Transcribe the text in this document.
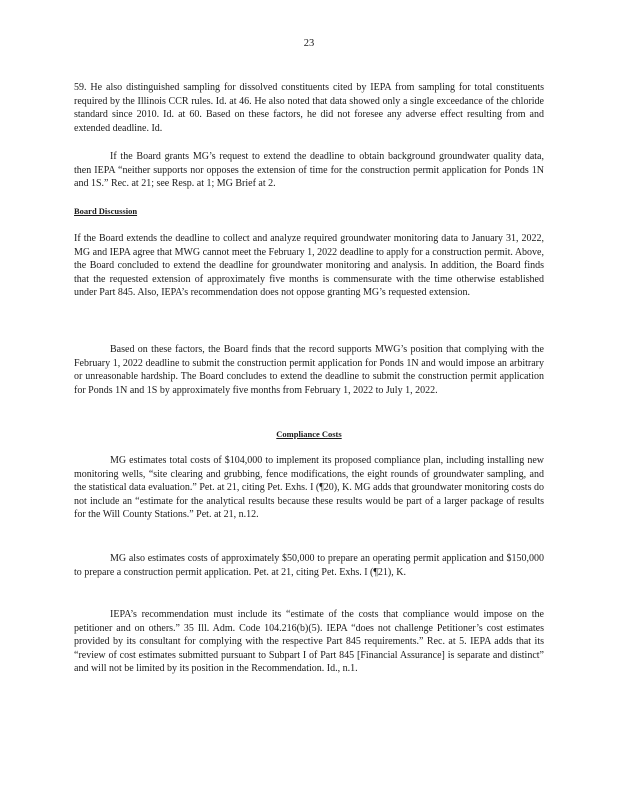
23

59. He also distinguished sampling for dissolved constituents cited by IEPA from sampling for total constituents required by the Illinois CCR rules. Id. at 46. He also noted that data showed only a single exceedance of the chloride standard since 2010. Id. at 60. Based on these factors, he did not foresee any adverse effect resulting from and extended deadline. Id.

If the Board grants MG’s request to extend the deadline to obtain background groundwater quality data, then IEPA “neither supports nor opposes the extension of time for the construction permit application for Ponds 1N and 1S.” Rec. at 21; see Resp. at 1; MG Brief at 2.

Board Discussion

If the Board extends the deadline to collect and analyze required groundwater monitoring data to January 31, 2022, MG and IEPA agree that MWG cannot meet the February 1, 2022 deadline to apply for a construction permit. Above, the Board concluded to extend the deadline for groundwater monitoring and analysis. In addition, the Board finds that the requested extension of approximately five months is commensurate with the time otherwise established under Part 845. Also, IEPA’s recommendation does not oppose granting MG’s requested extension.

Based on these factors, the Board finds that the record supports MWG’s position that complying with the February 1, 2022 deadline to submit the construction permit application for Ponds 1N and would impose an arbitrary or unreasonable hardship. The Board concludes to extend the deadline to submit the construction permit application for Ponds 1N and 1S by approximately five months from February 1, 2022 to July 1, 2022.

Compliance Costs

MG estimates total costs of $104,000 to implement its proposed compliance plan, including installing new monitoring wells, “site clearing and grubbing, fence modifications, the eight rounds of groundwater sampling, and the statistical data evaluation.” Pet. at 21, citing Pet. Exhs. I (¶20), K. MG adds that groundwater monitoring costs do not include an “estimate for the analytical results because these results would be part of a larger package of results for the Will County Stations.” Pet. at 21, n.12.

MG also estimates costs of approximately $50,000 to prepare an operating permit application and $150,000 to prepare a construction permit application. Pet. at 21, citing Pet. Exhs. I (¶21), K.

IEPA’s recommendation must include its “estimate of the costs that compliance would impose on the petitioner and on others.” 35 Ill. Adm. Code 104.216(b)(5). IEPA “does not challenge Petitioner’s cost estimates provided by its consultant for complying with the respective Part 845 requirements.” Rec. at 5. IEPA adds that its “review of cost estimates submitted pursuant to Subpart I of Part 845 [Financial Assurance] is separate and distinct” and will not be limited by its position in the Recommendation. Id., n.1.
